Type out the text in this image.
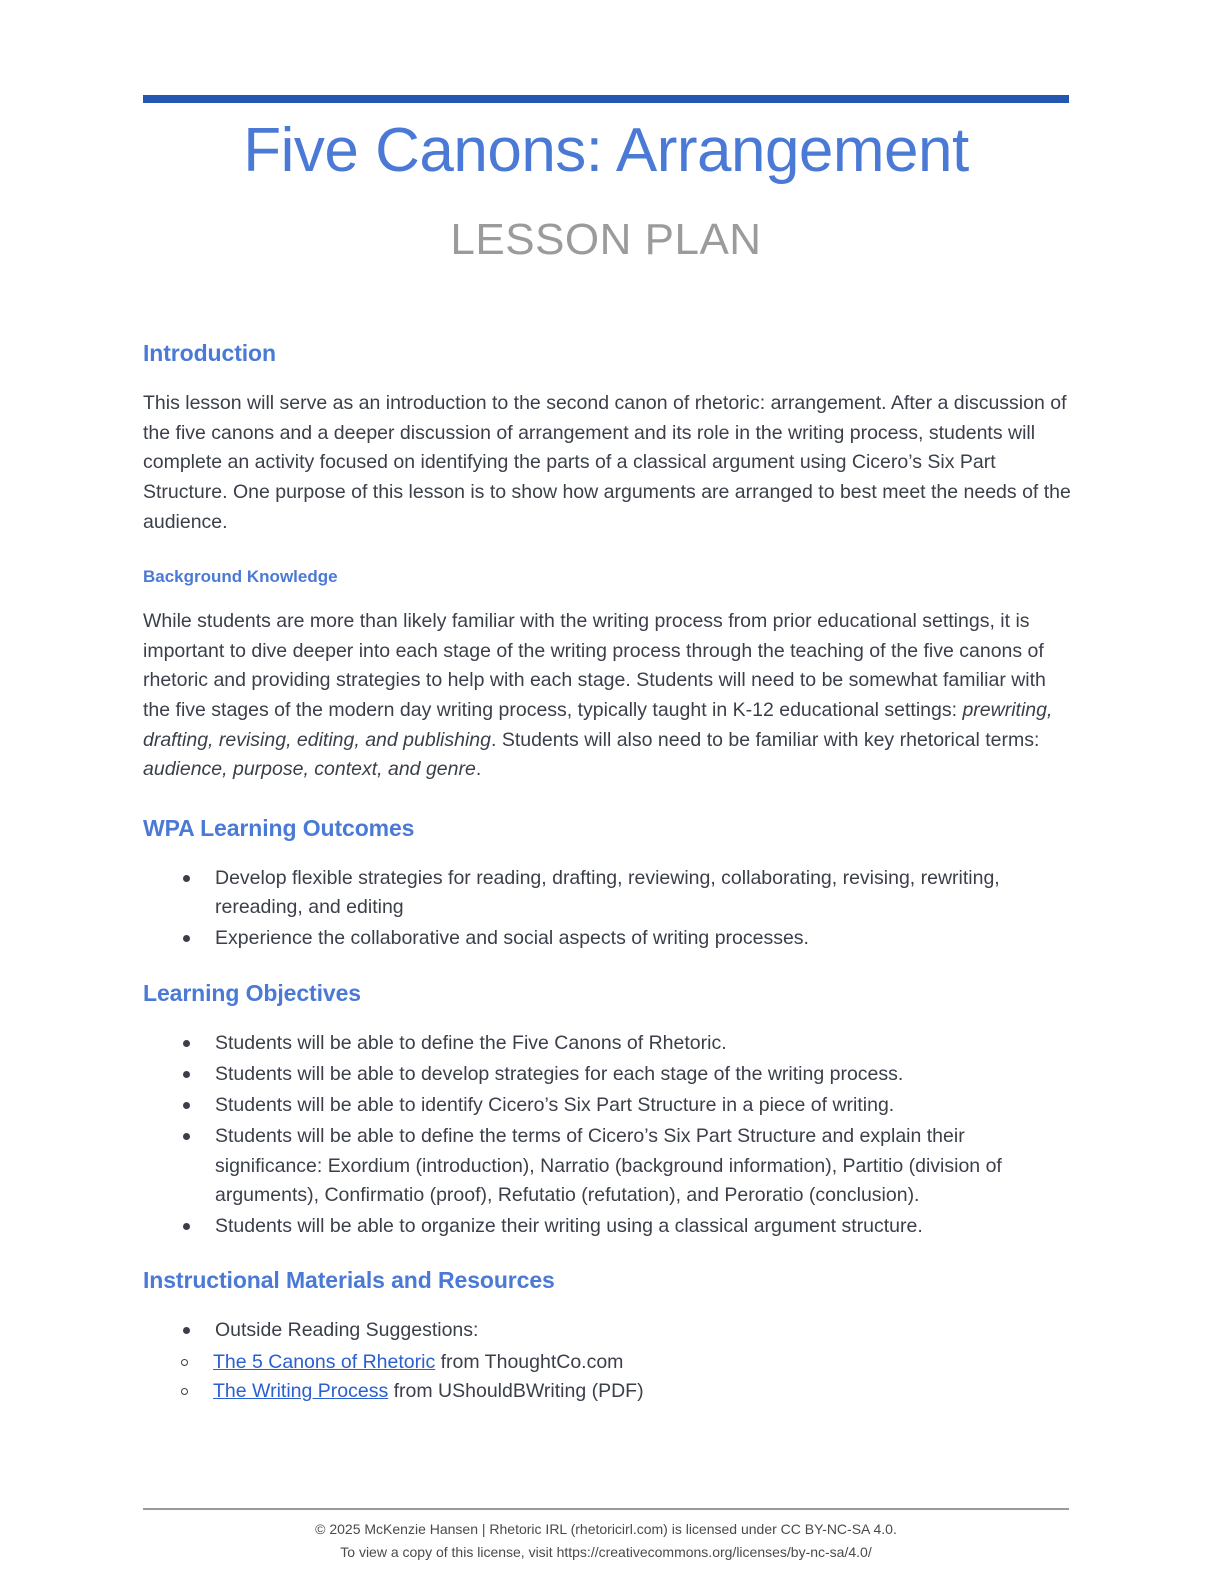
Five Canons: Arrangement
LESSON PLAN
Introduction

This lesson will serve as an introduction to the second canon of rhetoric: arrangement. After a discussion of the five canons and a deeper discussion of arrangement and its role in the writing process, students will complete an activity focused on identifying the parts of a classical argument using Cicero’s Six Part Structure. One purpose of this lesson is to show how arguments are arranged to best meet the needs of the audience.

Background Knowledge

While students are more than likely familiar with the writing process from prior educational settings, it is important to dive deeper into each stage of the writing process through the teaching of the five canons of rhetoric and providing strategies to help with each stage. Students will need to be somewhat familiar with the five stages of the modern day writing process, typically taught in K-12 educational settings: prewriting, drafting, revising, editing, and publishing. Students will also need to be familiar with key rhetorical terms: audience, purpose, context, and genre.

WPA Learning Outcomes
Develop flexible strategies for reading, drafting, reviewing, collaborating, revising, rewriting, rereading, and editing
Experience the collaborative and social aspects of writing processes.
Learning Objectives
Students will be able to define the Five Canons of Rhetoric.
Students will be able to develop strategies for each stage of the writing process.
Students will be able to identify Cicero’s Six Part Structure in a piece of writing.
Students will be able to define the terms of Cicero’s Six Part Structure and explain their significance: Exordium (introduction), Narratio (background information), Partitio (division of arguments), Confirmatio (proof), Refutatio (refutation), and Peroratio (conclusion).
Students will be able to organize their writing using a classical argument structure.
Instructional Materials and Resources
Outside Reading Suggestions:
The 5 Canons of Rhetoric from ThoughtCo.com
The Writing Process from UShouldBWriting (PDF)
© 2025 McKenzie Hansen | Rhetoric IRL (rhetoricirl.com) is licensed under CC BY-NC-SA 4.0.
To view a copy of this license, visit https://creativecommons.org/licenses/by-nc-sa/4.0/
